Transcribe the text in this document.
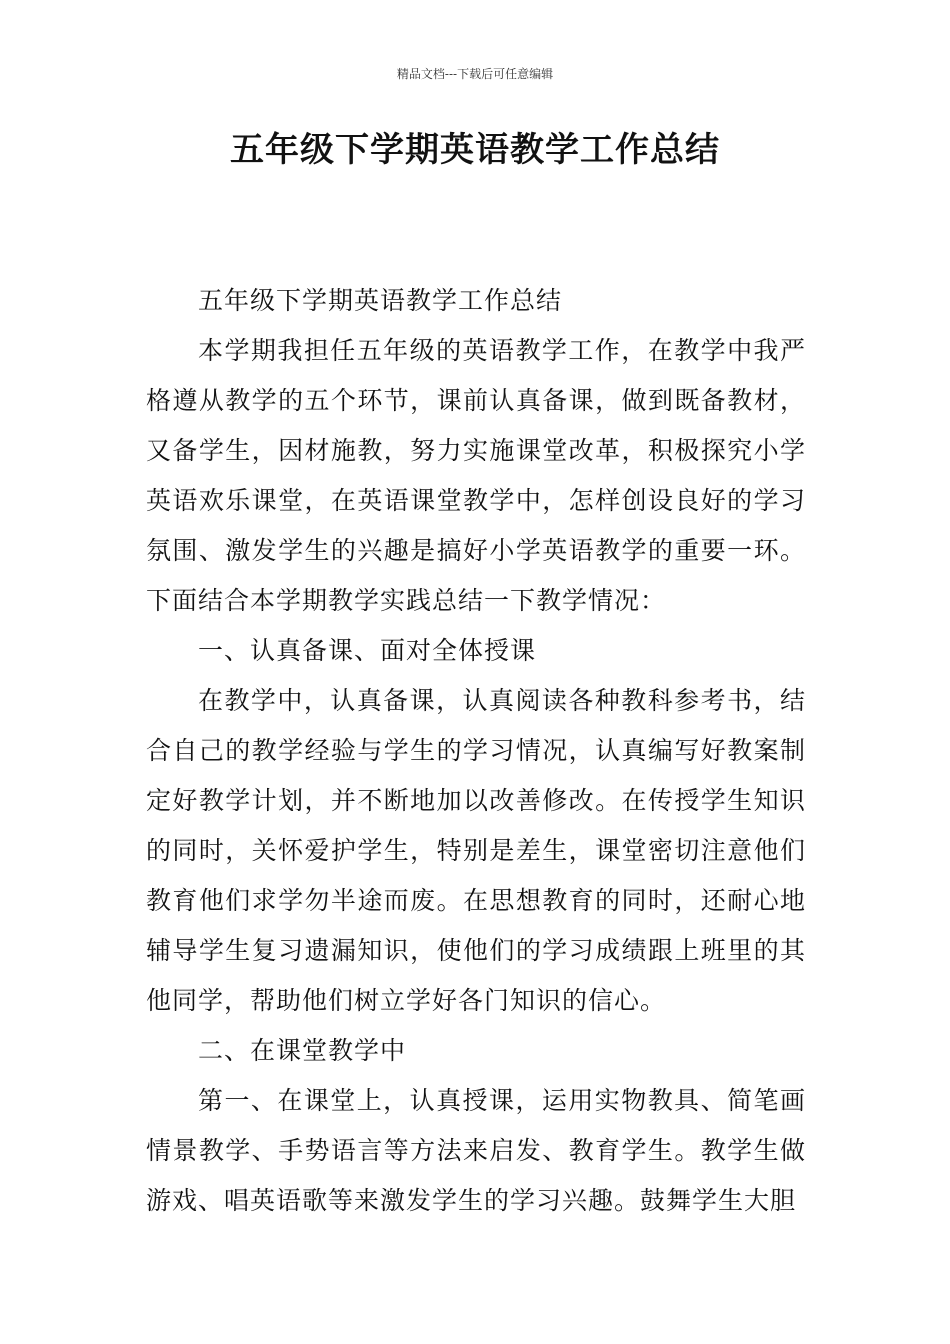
精品文档---下载后可任意编辑
五年级下学期英语教学工作总结

五年级下学期英语教学工作总结

本学期我担任五年级的英语教学工作，在教学中我严格遵从教学的五个环节，课前认真备课，做到既备教材，又备学生，因材施教，努力实施课堂改革，积极探究小学英语欢乐课堂，在英语课堂教学中，怎样创设良好的学习氛围、激发学生的兴趣是搞好小学英语教学的重要一环。下面结合本学期教学实践总结一下教学情况：

一、认真备课、面对全体授课

在教学中，认真备课，认真阅读各种教科参考书，结合自己的教学经验与学生的学习情况，认真编写好教案制定好教学计划，并不断地加以改善修改。在传授学生知识的同时，关怀爱护学生，特别是差生，课堂密切注意他们教育他们求学勿半途而废。在思想教育的同时，还耐心地辅导学生复习遗漏知识，使他们的学习成绩跟上班里的其他同学，帮助他们树立学好各门知识的信心。

二、在课堂教学中

第一、在课堂上，认真授课，运用实物教具、简笔画情景教学、手势语言等方法来启发、教育学生。教学生做游戏、唱英语歌等来激发学生的学习兴趣。鼓舞学生大胆
